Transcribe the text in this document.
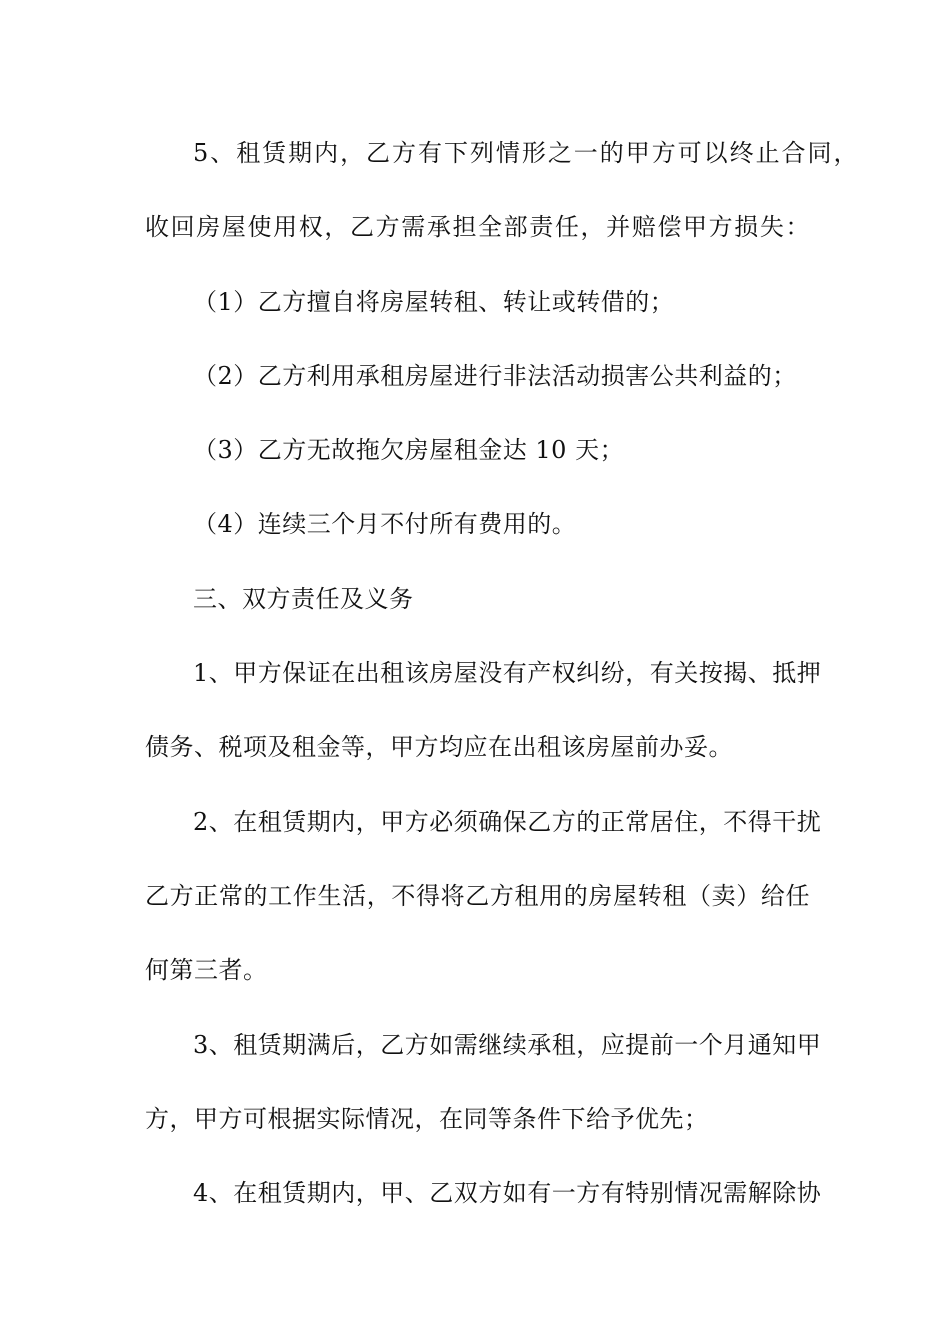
5、租赁期内，乙方有下列情形之一的甲方可以终止合同，
收回房屋使用权，乙方需承担全部责任，并赔偿甲方损失：
（1）乙方擅自将房屋转租、转让或转借的；
（2）乙方利用承租房屋进行非法活动损害公共利益的；
（3）乙方无故拖欠房屋租金达 10 天；
（4）连续三个月不付所有费用的。
三、双方责任及义务
1、甲方保证在出租该房屋没有产权纠纷，有关按揭、抵押
债务、税项及租金等，甲方均应在出租该房屋前办妥。
2、在租赁期内，甲方必须确保乙方的正常居住，不得干扰
乙方正常的工作生活，不得将乙方租用的房屋转租（卖）给任
何第三者。
3、租赁期满后，乙方如需继续承租，应提前一个月通知甲
方，甲方可根据实际情况，在同等条件下给予优先；
4、在租赁期内，甲、乙双方如有一方有特别情况需解除协
